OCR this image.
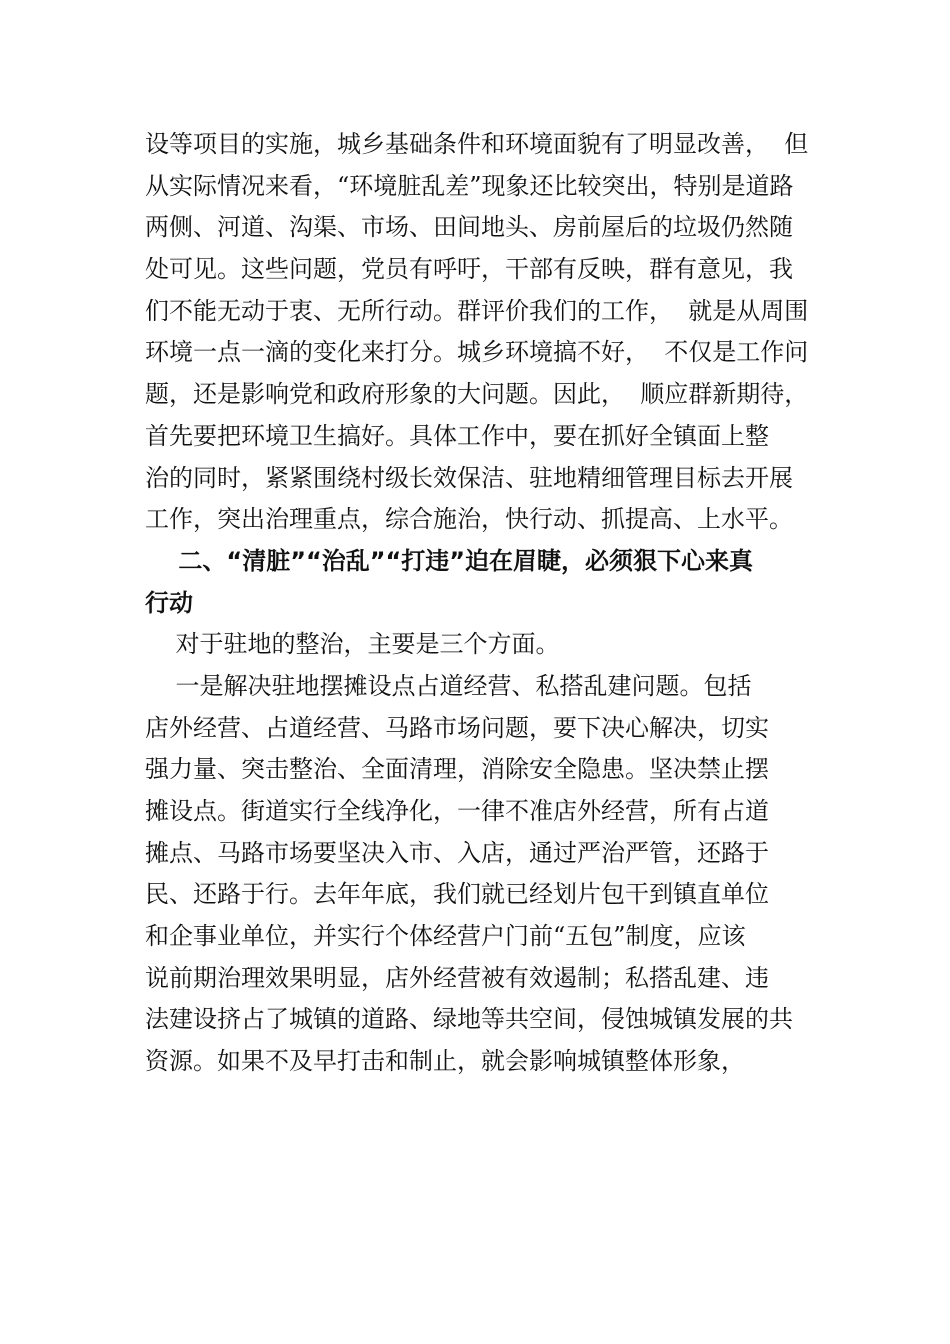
设等项目的实施，城乡基础条件和环境面貌有了明显改善，  但
从实际情况来看，“环境脏乱差”现象还比较突出，特别是道路
两侧、河道、沟渠、市场、田间地头、房前屋后的垃圾仍然随
处可见。这些问题，党员有呼吁，干部有反映，群有意见，我
们不能无动于衷、无所行动。群评价我们的工作，  就是从周围
环境一点一滴的变化来打分。城乡环境搞不好，  不仅是工作问
题，还是影响党和政府形象的大问题。因此，  顺应群新期待，
首先要把环境卫生搞好。具体工作中，要在抓好全镇面上整
治的同时，紧紧围绕村级长效保洁、驻地精细管理目标去开展
工作，突出治理重点，综合施治，快行动、抓提高、上水平。
二、“清脏”“治乱”“打违”迫在眉睫，必须狠下心来真
行动
对于驻地的整治，主要是三个方面。
一是解决驻地摆摊设点占道经营、私搭乱建问题。包括
店外经营、占道经营、马路市场问题，要下决心解决，切实
强力量、突击整治、全面清理，消除安全隐患。坚决禁止摆
摊设点。街道实行全线净化，一律不准店外经营，所有占道
摊点、马路市场要坚决入市、入店，通过严治严管，还路于
民、还路于行。去年年底，我们就已经划片包干到镇直单位
和企事业单位，并实行个体经营户门前“五包”制度，应该
说前期治理效果明显，店外经营被有效遏制；私搭乱建、违
法建设挤占了城镇的道路、绿地等共空间，侵蚀城镇发展的共
资源。如果不及早打击和制止，就会影响城镇整体形象，
